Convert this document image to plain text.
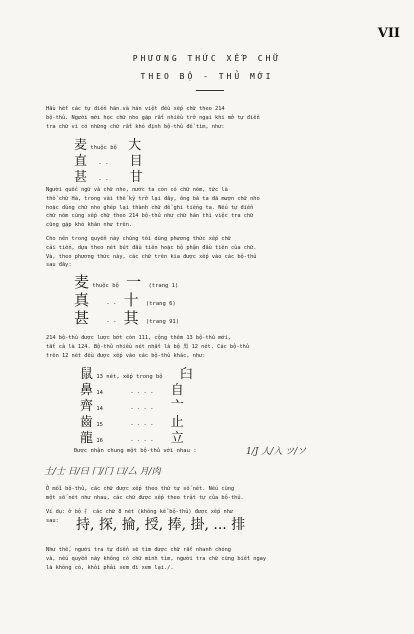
VII
PHƯƠNG THỨC XẾP CHỮ
THEO BỘ - THỦ MỚI
Hầu hết các tự điển hán.và hán việt đều xếp chữ theo 214
bộ-thủ. Người mới học chữ nho gặp rất nhiều trở ngại khi mở tự điển
tra chữ vì có những chữ rất khó định bộ-thủ để tìm, như:
麦 thuộc bộ 大
直 - - 目
甚 - - 甘
Người quốc ngữ và chữ nho, nước ta còn có chữ nôm, tức là
thổ chữ Hà, trong vài thế kỷ trở lại đây, ông bà ta đã mượn chữ nho
hoặc dùng chữ nho ghép lại thành chữ để ghi tiếng ta. Nếu tự điển
chữ nôm cũng xếp chữ theo 214 bộ-thủ như chữ hán thì việc tra chữ
cũng gặp khó khăn như trên.
Cho nên trong quyển này chúng tôi dùng phương thức xếp chữ
cải tiến, dựa theo nét bút đầu tiên hoặc bộ phận đầu tiên của chữ.
Và, theo phương thức này, các chữ trên kia được xếp vào các bộ-thủ
sau đây:
麦 thuộc bộ 一 (trang 1)
真	- - 十 (trang 6)
甚	- - 其 (trang 91)
214 bộ-thủ được lược bớt còn 111, cộng thêm 13 bộ-thủ mới,
tất cả là 124. Bộ-thủ nhiều nét nhất là bộ 黑 12 nét. Các bộ-thủ
trên 12 nét đều được xếp vào các bộ-thủ khác, như:
鼠 13 nét, xếp trong bộ 臼
鼻 14	- - - - 自
齊 14	- - - - 亠
齒 15	- - - - 止
龍 16	- - - - 立
Được nhận chung một bộ-thủ với nhau :	1/J 人/入 ツ/ソ
土/士 日/曰 冂/门 口/厶 月/肉
Ở mỗi bộ-thủ, các chữ được xếp theo thứ tự số nét. Nếu cùng
một số nét như nhau, các chữ được xếp theo trật tự của bộ-thủ.
Ví dụ: ở bộ 扌 các chữ 8 nét (không kể bộ-thủ) được xếp như
sau:	持, 探, 掄, 授, 捧, 掛, ... 排
Như thế, người tra tự điển sẽ tìm được chữ rất nhanh chóng
và, nếu quyển này không có chữ mình tìm, người tra chữ cũng biết ngay
là không có, khỏi phải xem đi xem lại./.
